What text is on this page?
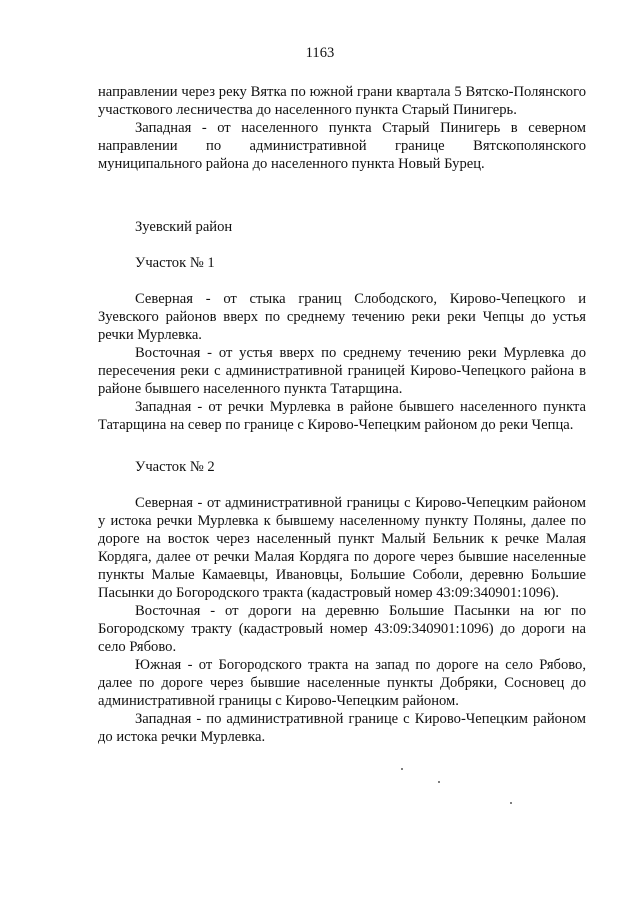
1163

направлении через реку Вятка по южной грани квартала 5 Вятско-Полянского участкового лесничества до населенного пункта Старый Пинигерь.

Западная - от населенного пункта Старый Пинигерь в северном направлении по административной границе Вятскополянского муниципального района до населенного пункта Новый Бурец.

Зуевский район

Участок № 1

Северная - от стыка границ Слободского, Кирово-Чепецкого и Зуевского районов вверх по среднему течению реки реки Чепцы до устья речки Мурлевка.

Восточная - от устья вверх по среднему течению реки Мурлевка до пересечения реки с административной границей Кирово-Чепецкого района в районе бывшего населенного пункта Татарщина.

Западная - от речки Мурлевка в районе бывшего населенного пункта Татарщина на север по границе с Кирово-Чепецким районом до реки Чепца.

Участок № 2

Северная - от административной границы с Кирово-Чепецким районом у истока речки Мурлевка к бывшему населенному пункту Поляны, далее по дороге на восток через населенный пункт Малый Бельник к речке Малая Кордяга, далее от речки Малая Кордяга по дороге через бывшие населенные пункты Малые Камаевцы, Ивановцы, Большие Соболи, деревню Большие Пасынки до Богородского тракта (кадастровый номер 43:09:340901:1096).

Восточная - от дороги на деревню Большие Пасынки на юг по Богородскому тракту (кадастровый номер 43:09:340901:1096) до дороги на село Рябово.

Южная - от Богородского тракта на запад по дороге на село Рябово, далее по дороге через бывшие населенные пункты Добряки, Сосновец до административной границы с Кирово-Чепецким районом.

Западная - по административной границе с Кирово-Чепецким районом до истока речки Мурлевка.
